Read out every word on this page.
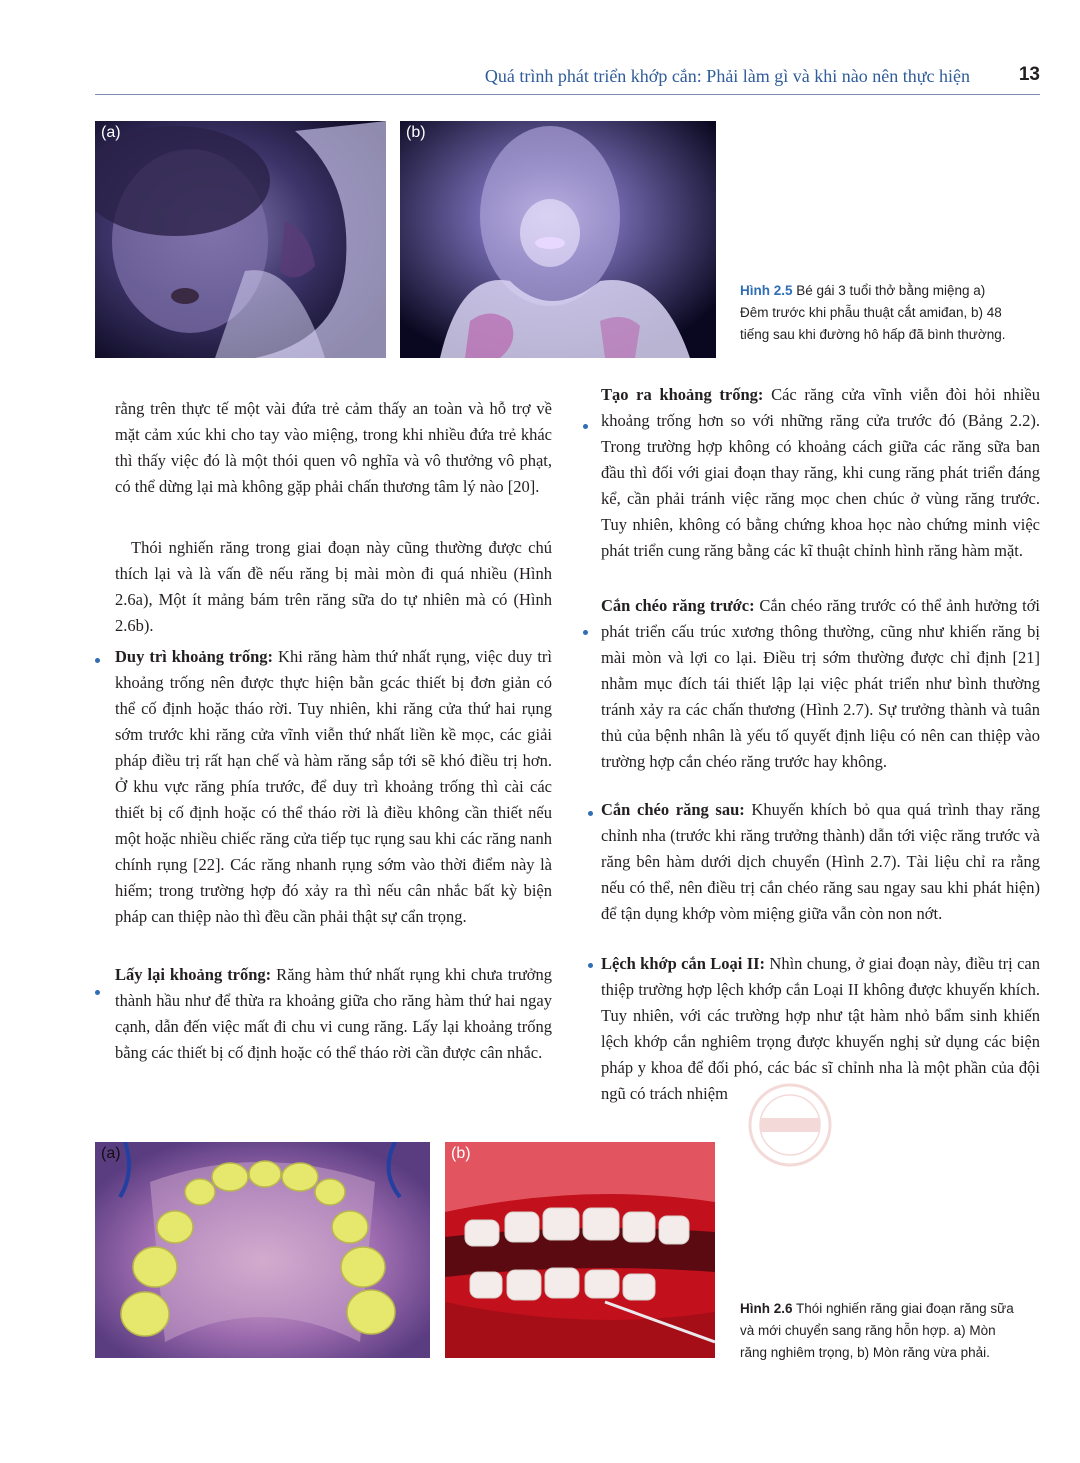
Quá trình phát triển khớp cắn: Phải làm gì và khi nào nên thực hiện	13
(a)	(b)
Hình 2.5 Bé gái 3 tuổi thở bằng miệng a) Đêm trước khi phẫu thuật cắt amiđan, b) 48 tiếng sau khi đường hô hấp đã bình thường.

rằng trên thực tế một vài đứa trẻ cảm thấy an toàn và hỗ trợ về mặt cảm xúc khi cho tay vào miệng, trong khi nhiều đứa trẻ khác thì thấy việc đó là một thói quen vô nghĩa và vô thưởng vô phạt, có thể dừng lại mà không gặp phải chấn thương tâm lý nào [20].

Thói nghiến răng trong giai đoạn này cũng thường được chú thích lại và là vấn đề nếu răng bị mài mòn đi quá nhiều (Hình 2.6a), Một ít mảng bám trên răng sữa do tự nhiên mà có (Hình 2.6b).

Duy trì khoảng trống: Khi răng hàm thứ nhất rụng, việc duy trì khoảng trống nên được thực hiện bằn gcác thiết bị đơn giản có thể cố định hoặc tháo rời. Tuy nhiên, khi răng cửa thứ hai rụng sớm trước khi răng cửa vĩnh viễn thứ nhất liền kề mọc, các giải pháp điều trị rất hạn chế và hàm răng sắp tới sẽ khó điều trị hơn. Ở khu vực răng phía trước, để duy trì khoảng trống thì cài các thiết bị cố định hoặc có thể tháo rời là điều không cần thiết nếu một hoặc nhiều chiếc răng cửa tiếp tục rụng sau khi các răng nanh chính rụng [22]. Các răng nhanh rụng sớm vào thời điểm này là hiếm; trong trường hợp đó xảy ra thì nếu cân nhắc bất kỳ biện pháp can thiệp nào thì đều cần phải thật sự cẩn trọng.

Lấy lại khoảng trống: Răng hàm thứ nhất rụng khi chưa trưởng thành hầu như để thừa ra khoảng giữa cho răng hàm thứ hai ngay cạnh, dẫn đến việc mất đi chu vi cung răng. Lấy lại khoảng trống bằng các thiết bị cố định hoặc có thể tháo rời cần được cân nhắc.

Tạo ra khoảng trống: Các răng cửa vĩnh viễn đòi hỏi nhiều khoảng trống hơn so với những răng cửa trước đó (Bảng 2.2). Trong trường hợp không có khoảng cách giữa các răng sữa ban đầu thì đối với giai đoạn thay răng, khi cung răng phát triển đáng kể, cần phải tránh việc răng mọc chen chúc ở vùng răng trước. Tuy nhiên, không có bằng chứng khoa học nào chứng minh việc phát triển cung răng bằng các kĩ thuật chỉnh hình răng hàm mặt.

Cắn chéo răng trước: Cắn chéo răng trước có thể ảnh hưởng tới phát triển cấu trúc xương thông thường, cũng như khiến răng bị mài mòn và lợi co lại. Điều trị sớm thường được chỉ định [21] nhằm mục đích tái thiết lập lại việc phát triển như bình thường tránh xảy ra các chấn thương (Hình 2.7). Sự trưởng thành và tuân thủ của bệnh nhân là yếu tố quyết định liệu có nên can thiệp vào trường hợp cắn chéo răng trước hay không.

Cắn chéo răng sau: Khuyến khích bỏ qua quá trình thay răng chỉnh nha (trước khi răng trưởng thành) dẫn tới việc răng trước và răng bên hàm dưới dịch chuyển (Hình 2.7). Tài liệu chỉ ra rằng nếu có thể, nên điều trị cắn chéo răng sau ngay sau khi phát hiện) để tận dụng khớp vòm miệng giữa vẫn còn non nớt.

Lệch khớp cắn Loại II: Nhìn chung, ở giai đoạn này, điều trị can thiệp trường hợp lệch khớp cắn Loại II không được khuyến khích. Tuy nhiên, với các trường hợp như tật hàm nhỏ bẩm sinh khiến lệch khớp cắn nghiêm trọng được khuyến nghị sử dụng các biện pháp y khoa để đối phó, các bác sĩ chỉnh nha là một phần của đội ngũ có trách nhiệm

(a)	(b)
Hình 2.6 Thói nghiến răng giai đoạn răng sữa và mới chuyển sang răng hỗn hợp. a) Mòn răng nghiêm trọng, b) Mòn răng vừa phải.
